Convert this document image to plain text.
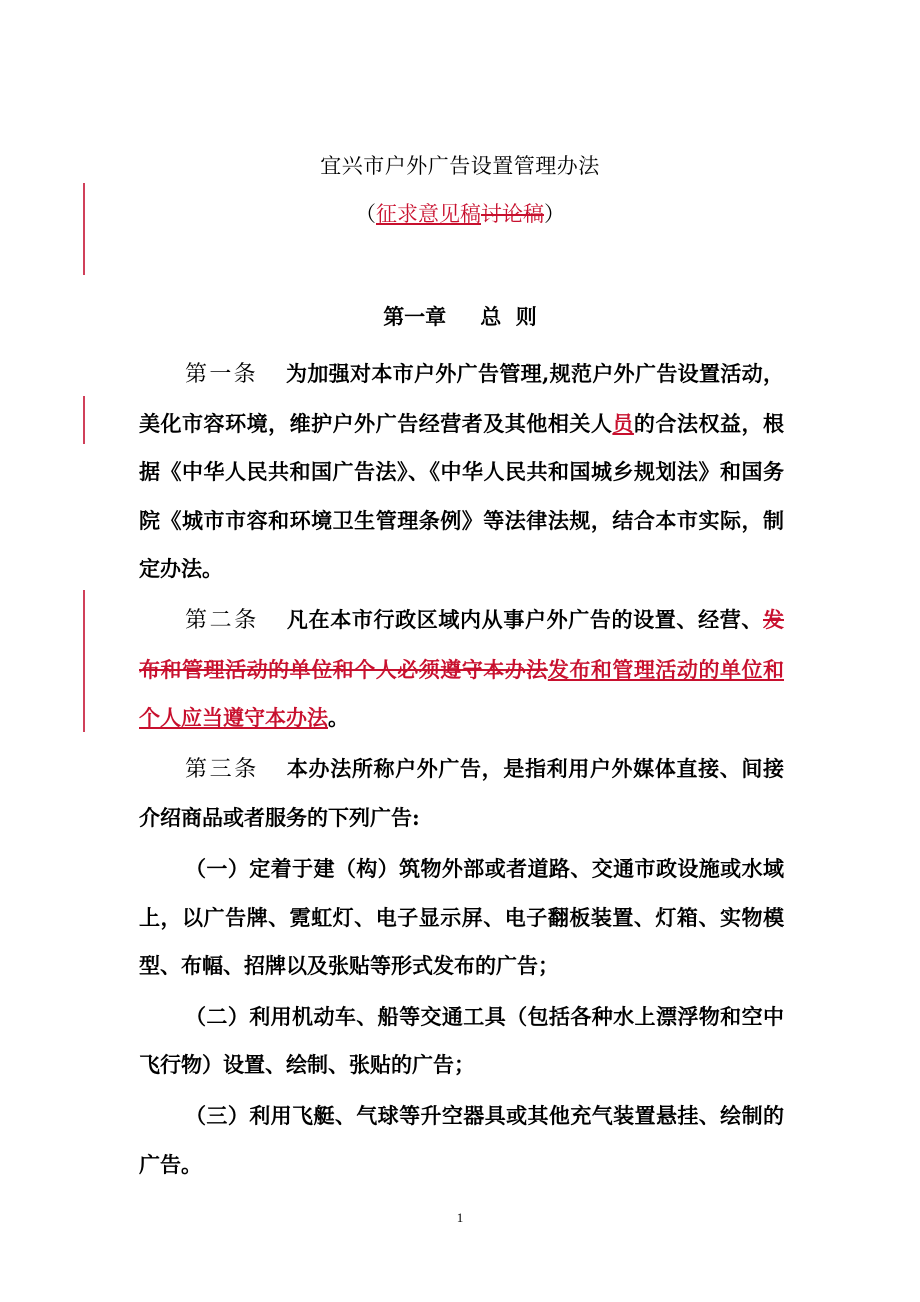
宜兴市户外广告设置管理办法
（征求意见稿讨论稿）
第一章 总  则

第一条 为加强对本市户外广告管理,规范户外广告设置活动，美化市容环境，维护户外广告经营者及其他相关人员的合法权益，根据《中华人民共和国广告法》、《中华人民共和国城乡规划法》和国务院《城市市容和环境卫生管理条例》等法律法规，结合本市实际，制定办法。

第二条 凡在本市行政区域内从事户外广告的设置、经营、发布和管理活动的单位和个人必须遵守本办法发布和管理活动的单位和个人应当遵守本办法。

第三条 本办法所称户外广告，是指利用户外媒体直接、间接介绍商品或者服务的下列广告:

（一）定着于建（构）筑物外部或者道路、交通市政设施或水域上，以广告牌、霓虹灯、电子显示屏、电子翻板装置、灯箱、实物模型、布幅、招牌以及张贴等形式发布的广告；

（二）利用机动车、船等交通工具（包括各种水上漂浮物和空中飞行物）设置、绘制、张贴的广告；

（三）利用飞艇、气球等升空器具或其他充气装置悬挂、绘制的广告。

1
